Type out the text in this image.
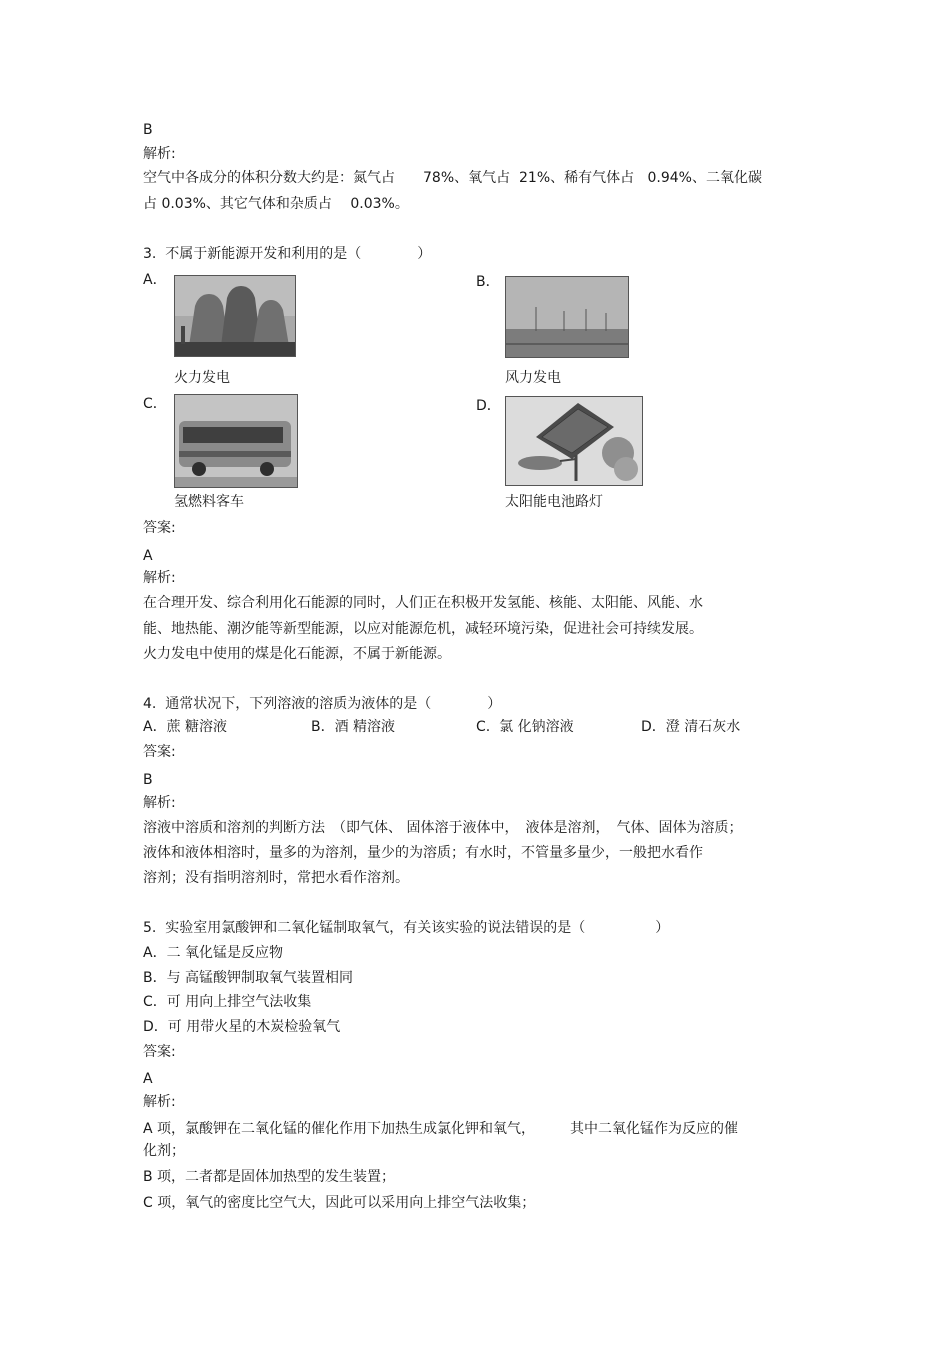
B
解析:
空气中各成分的体积分数大约是：氮气占　　78%、氧气占  21%、稀有气体占   0.94%、二氧化碳
占 0.03%、其它气体和杂质占　 0.03%。
3.  不属于新能源开发和利用的是（　　　　）
A．
火力发电
B．
风力发电
C．
氢燃料客车
D．
太阳能电池路灯
答案:
A
解析:
在合理开发、综合利用化石能源的同时，人们正在积极开发氢能、核能、太阳能、风能、水
能、地热能、潮汐能等新型能源，以应对能源危机，减轻环境污染，促进社会可持续发展。
火力发电中使用的煤是化石能源，不属于新能源。
4.  通常状况下，下列溶液的溶质为液体的是（　　　　）
A．蔗 糖溶液	B．酒 精溶液	C.  氯 化钠溶液	D．澄 清石灰水
答案:
B
解析:
溶液中溶质和溶剂的判断方法　（即气体、 固体溶于液体中，　液体是溶剂，　气体、固体为溶质；
液体和液体相溶时，量多的为溶剂，量少的为溶质；有水时，不管量多量少，一般把水看作
溶剂；没有指明溶剂时，常把水看作溶剂。
5.  实验室用氯酸钾和二氧化锰制取氧气，有关该实验的说法错误的是（　　　　　）
A．二 氧化锰是反应物
B．与 高锰酸钾制取氧气装置相同
C．可 用向上排空气法收集
D．可 用带火星的木炭检验氧气
答案:
A
解析:
A 项，氯酸钾在二氧化锰的催化作用下加热生成氯化钾和氧气，　　　其中二氧化锰作为反应的催
化剂；
B 项，二者都是固体加热型的发生装置；
C 项，氧气的密度比空气大，因此可以采用向上排空气法收集；
